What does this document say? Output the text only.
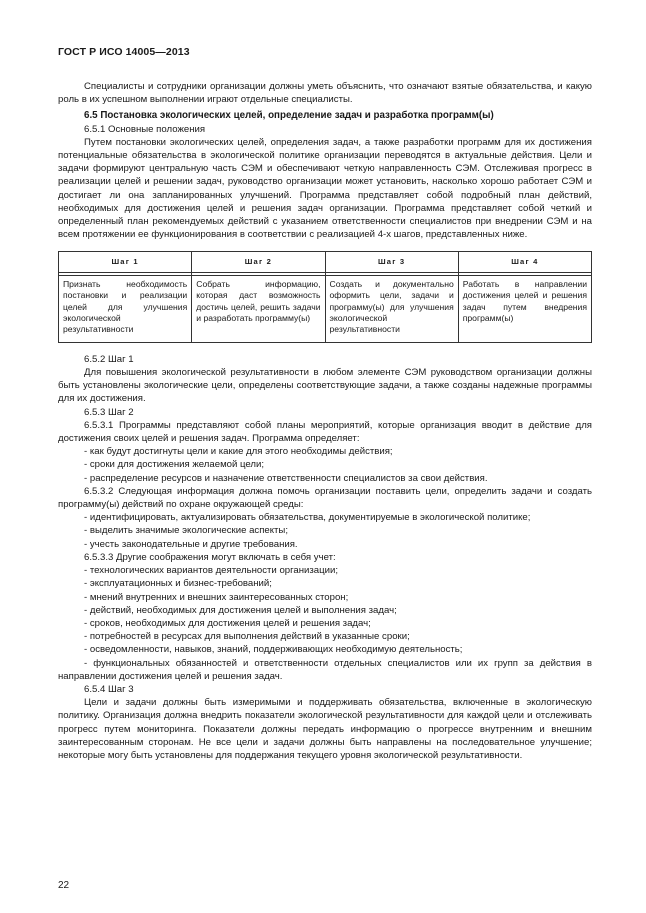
ГОСТ Р ИСО 14005—2013

Специалисты и сотрудники организации должны уметь объяснить, что означают взятые обязательства, и какую роль в их успешном выполнении играют отдельные специалисты.

6.5 Постановка экологических целей, определение задач и разработка программ(ы)

6.5.1 Основные положения

Путем постановки экологических целей, определения задач, а также разработки программ для их достижения потенциальные обязательства в экологической политике организации переводятся в актуальные действия. Цели и задачи формируют центральную часть СЭМ и обеспечивают четкую направленность СЭМ. Отслеживая прогресс в реализации целей и решении задач, руководство организации может установить, насколько хорошо работает СЭМ и достигает ли она запланированных улучшений. Программа представляет собой подробный план действий, необходимых для достижения целей и решения задач организации. Программа представляет собой четкий и определенный план рекомендуемых действий с указанием ответственности специалистов при внедрении СЭМ и на всем протяжении ее функционирования в соответствии с реализацией 4-х шагов, представленных ниже.

Шаг 1	Шаг 2	Шаг 3	Шаг 4

Признать необходимость постановки и реализации целей для улучшения экологической результативности	Собрать информацию, которая даст возможность достичь целей, решить задачи и разработать программу(ы)	Создать и документально оформить цели, задачи и программу(ы) для улучшения экологической результативности	Работать в направлении достижения целей и решения задач путем внедрения программ(ы)

6.5.2 Шаг 1

Для повышения экологической результативности в любом элементе СЭМ руководством организации должны быть установлены экологические цели, определены соответствующие задачи, а также созданы надежные программы для их достижения.

6.5.3 Шаг 2

6.5.3.1 Программы представляют собой планы мероприятий, которые организация вводит в действие для достижения своих целей и решения задач. Программа определяет:

- как будут достигнуты цели и какие для этого необходимы действия;

- сроки для достижения желаемой цели;

- распределение ресурсов и назначение ответственности специалистов за свои действия.

6.5.3.2 Следующая информация должна помочь организации поставить цели, определить задачи и создать программу(ы) действий по охране окружающей среды:

- идентифицировать, актуализировать обязательства, документируемые в экологической политике;

- выделить значимые экологические аспекты;

- учесть законодательные и другие требования.

6.5.3.3 Другие соображения могут включать в себя учет:

- технологических вариантов деятельности организации;

- эксплуатационных и бизнес-требований;

- мнений внутренних и внешних заинтересованных сторон;

- действий, необходимых для достижения целей и выполнения задач;

- сроков, необходимых для достижения целей и решения задач;

- потребностей в ресурсах для выполнения действий в указанные сроки;

- осведомленности, навыков, знаний, поддерживающих необходимую деятельность;

- функциональных обязанностей и ответственности отдельных специалистов или их групп за действия в направлении достижения целей и решения задач.

6.5.4 Шаг 3

Цели и задачи должны быть измеримыми и поддерживать обязательства, включенные в экологическую политику. Организация должна внедрить показатели экологической результативности для каждой цели и отслеживать прогресс путем мониторинга. Показатели должны передать информацию о прогрессе внутренним и внешним заинтересованным сторонам. Не все цели и задачи должны быть направлены на последовательное улучшение; некоторые могу быть установлены для поддержания текущего уровня экологической результативности.

22
